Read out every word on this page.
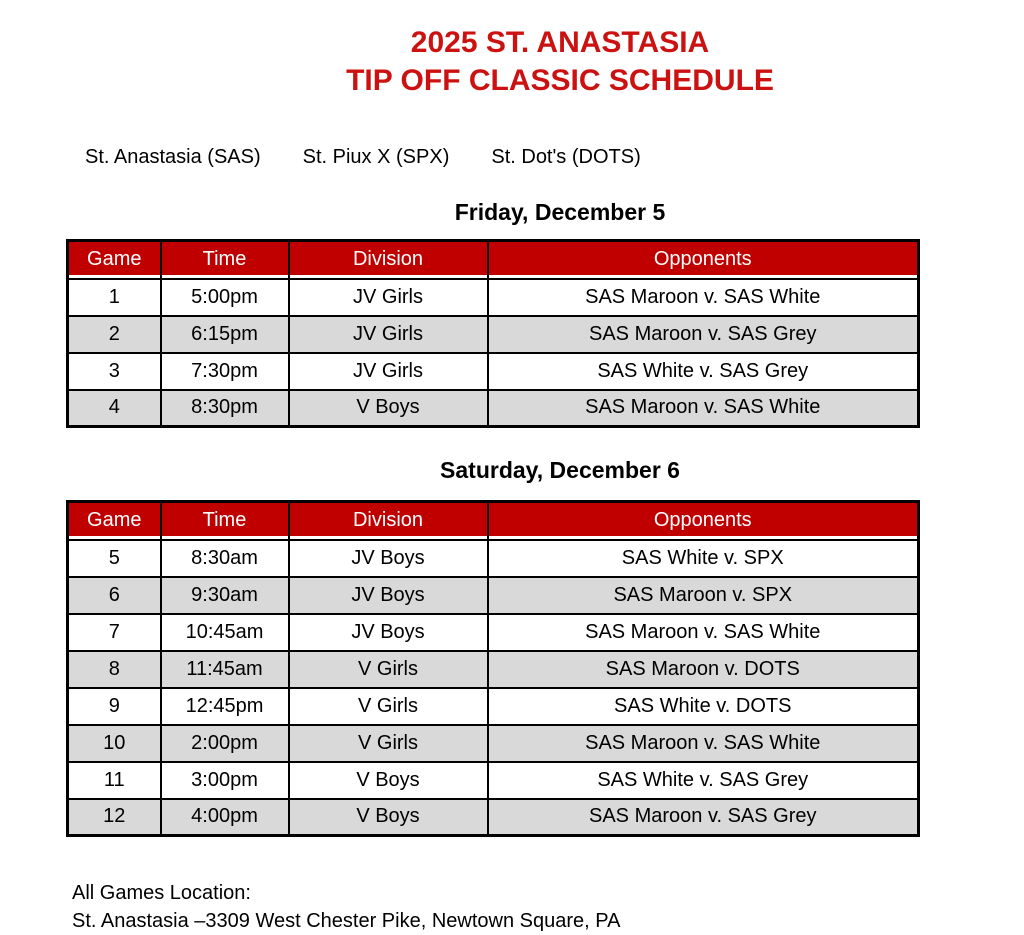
2025 ST. ANASTASIA
TIP OFF CLASSIC SCHEDULE
St. Anastasia (SAS) St. Piux X (SPX) St. Dot's (DOTS)
Friday, December 5
Game	Time	Division	Opponents
1	5:00pm	JV Girls	SAS Maroon v. SAS White
2	6:15pm	JV Girls	SAS Maroon v. SAS Grey
3	7:30pm	JV Girls	SAS White v. SAS Grey
4	8:30pm	V Boys	SAS Maroon v. SAS White
Saturday, December 6
Game	Time	Division	Opponents
5	8:30am	JV Boys	SAS White v. SPX
6	9:30am	JV Boys	SAS Maroon v. SPX
7	10:45am	JV Boys	SAS Maroon v. SAS White
8	11:45am	V Girls	SAS Maroon v. DOTS
9	12:45pm	V Girls	SAS White v. DOTS
10	2:00pm	V Girls	SAS Maroon v. SAS White
11	3:00pm	V Boys	SAS White v. SAS Grey
12	4:00pm	V Boys	SAS Maroon v. SAS Grey
All Games Location:
St. Anastasia –3309 West Chester Pike, Newtown Square, PA
